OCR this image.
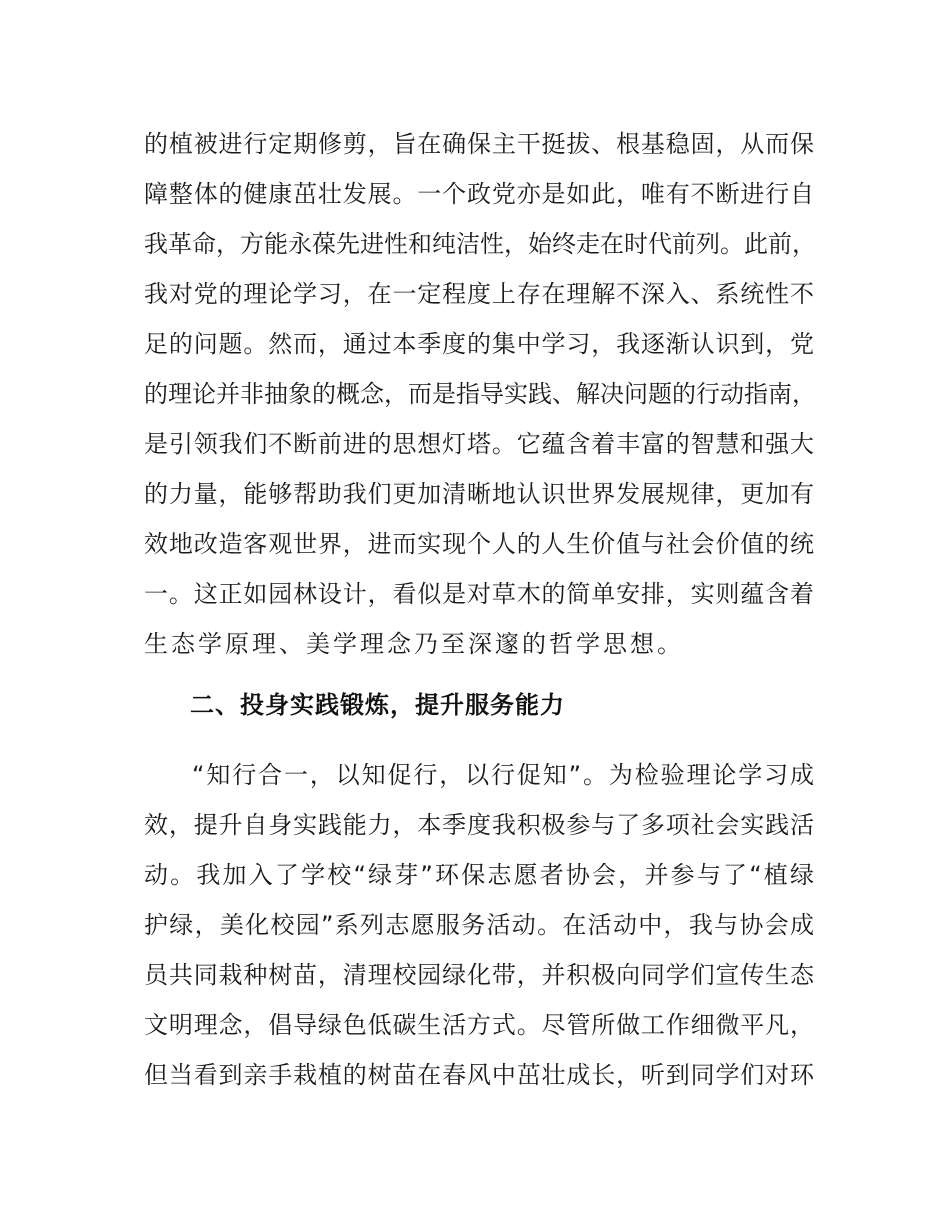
的植被进行定期修剪，旨在确保主干挺拔、根基稳固，从而保
障整体的健康茁壮发展。一个政党亦是如此，唯有不断进行自
我革命，方能永葆先进性和纯洁性，始终走在时代前列。此前，
我对党的理论学习，在一定程度上存在理解不深入、系统性不
足的问题。然而，通过本季度的集中学习，我逐渐认识到，党
的理论并非抽象的概念，而是指导实践、解决问题的行动指南，
是引领我们不断前进的思想灯塔。它蕴含着丰富的智慧和强大
的力量，能够帮助我们更加清晰地认识世界发展规律，更加有
效地改造客观世界，进而实现个人的人生价值与社会价值的统
一。这正如园林设计，看似是对草木的简单安排，实则蕴含着
生态学原理、美学理念乃至深邃的哲学思想。
二、投身实践锻炼，提升服务能力
“知行合一，以知促行，以行促知”。为检验理论学习成
效，提升自身实践能力，本季度我积极参与了多项社会实践活
动。我加入了学校“绿芽”环保志愿者协会，并参与了“植绿
护绿，美化校园”系列志愿服务活动。在活动中，我与协会成
员共同栽种树苗，清理校园绿化带，并积极向同学们宣传生态
文明理念，倡导绿色低碳生活方式。尽管所做工作细微平凡，
但当看到亲手栽植的树苗在春风中茁壮成长，听到同学们对环
